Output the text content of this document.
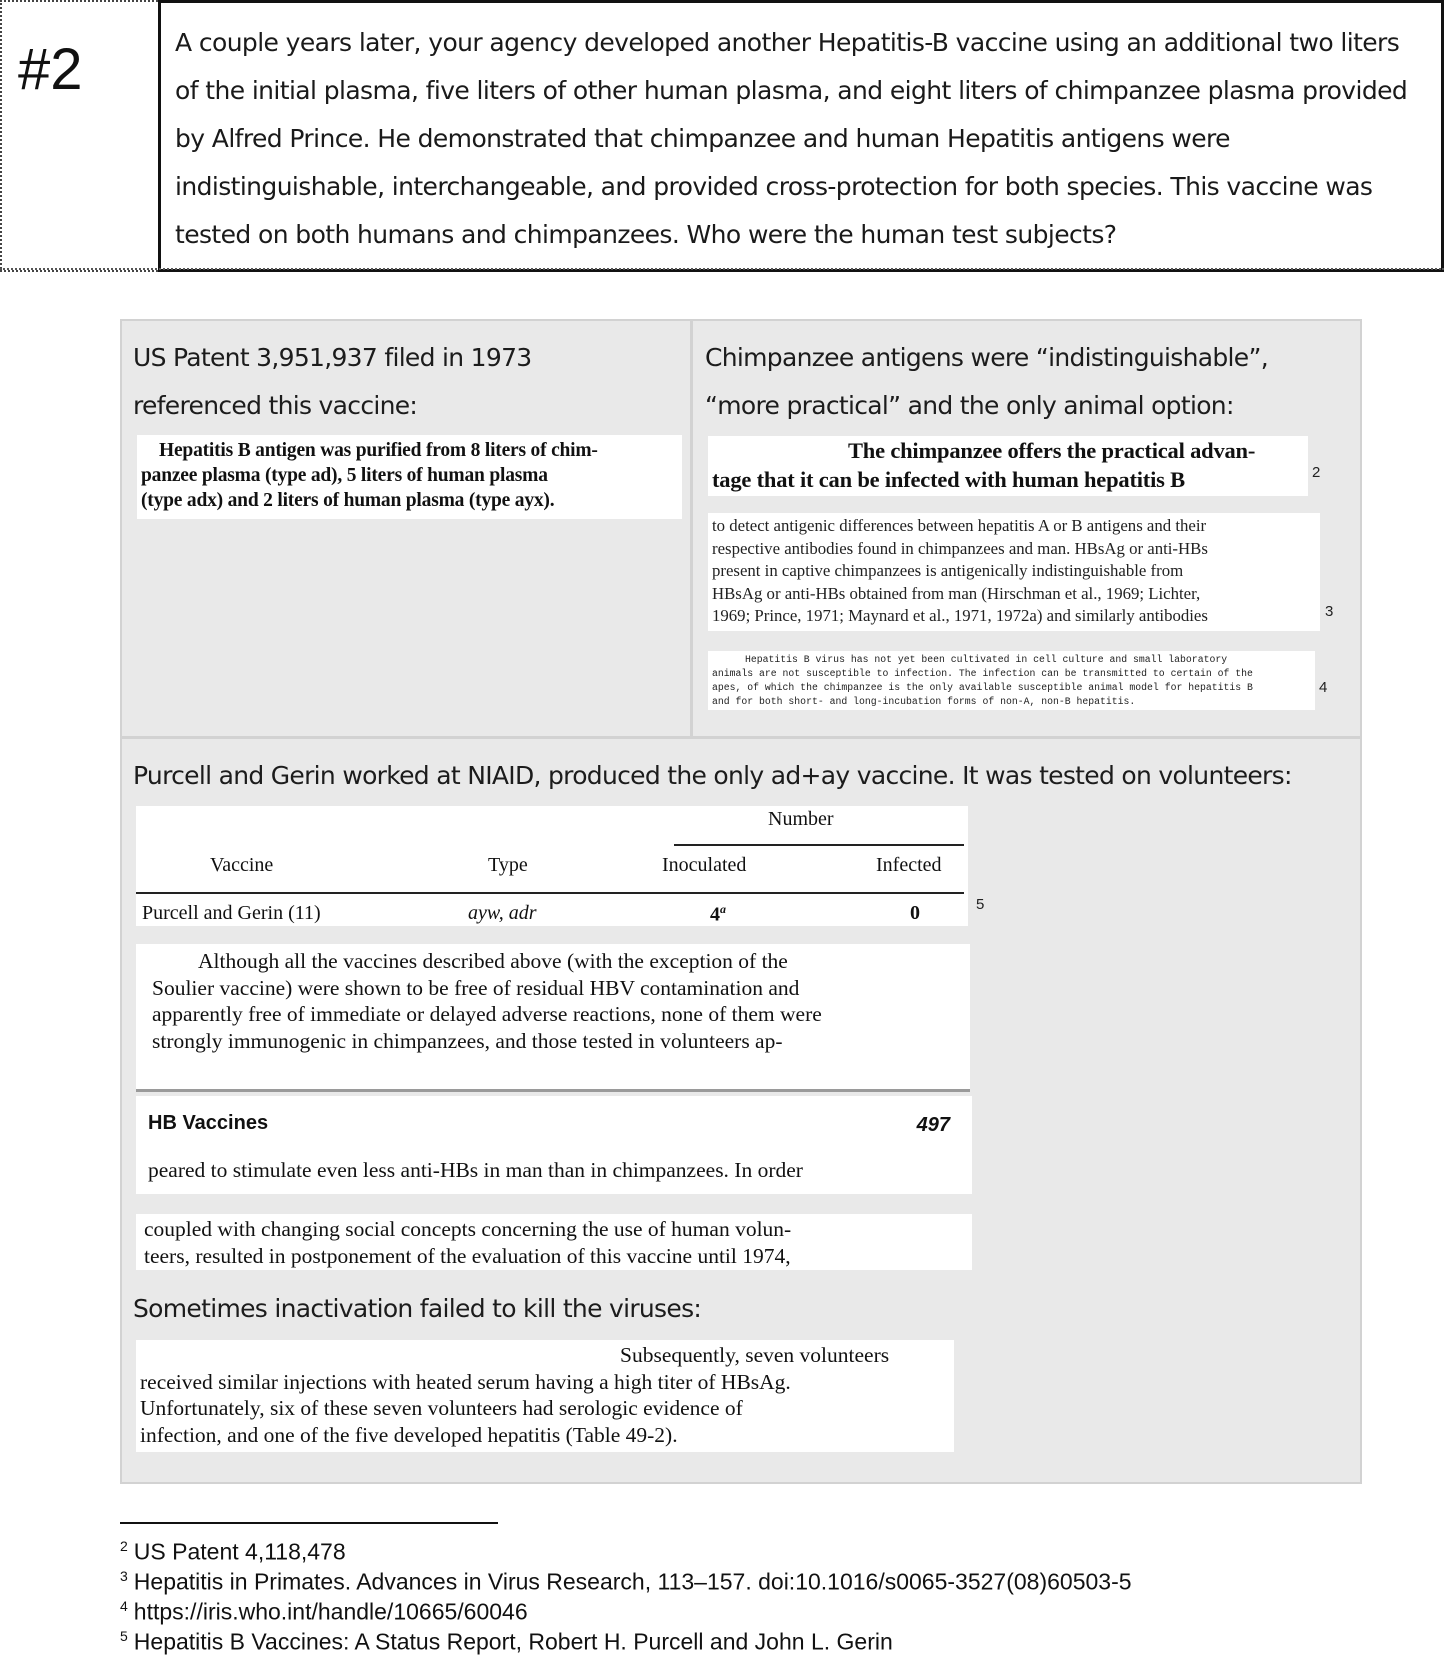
#2	A couple years later, your agency developed another Hepatitis-B vaccine using an additional two liters

of the initial plasma, five liters of other human plasma, and eight liters of chimpanzee plasma provided

by Alfred Prince. He demonstrated that chimpanzee and human Hepatitis antigens were

indistinguishable, interchangeable, and provided cross-protection for both species. This vaccine was

tested on both humans and chimpanzees. Who were the human test subjects?

US Patent 3,951,937 filed in 1973

referenced this vaccine:

Hepatitis B antigen was purified from 8 liters of chim-

panzee plasma (type ad), 5 liters of human plasma

(type adx) and 2 liters of human plasma (type ayx).

Chimpanzee antigens were “indistinguishable”,

“more practical” and the only animal option:

The chimpanzee offers the practical advan-

tage that it can be infected with human hepatitis B	2

to detect antigenic differences between hepatitis A or B antigens and their

respective antibodies found in chimpanzees and man. HBsAg or anti-HBs

present in captive chimpanzees is antigenically indistinguishable from

HBsAg or anti-HBs obtained from man (Hirschman et al., 1969; Lichter,

1969; Prince, 1971; Maynard et al., 1971, 1972a) and similarly antibodies	3

Hepatitis B virus has not yet been cultivated in cell culture and small laboratory

animals are not susceptible to infection. The infection can be transmitted to certain of the

apes, of which the chimpanzee is the only available susceptible animal model for hepatitis B

and for both short- and long-incubation forms of non-A, non-B hepatitis.

4

Purcell and Gerin worked at NIAID, produced the only ad+ay vaccine. It was tested on volunteers:

Number
Vaccine	Type	Inoculated	Infected
Purcell and Gerin (11)	ayw, adr	4$^a$	0	5

Although all the vaccines described above (with the exception of the

Soulier vaccine) were shown to be free of residual HBV contamination and

apparently free of immediate or delayed adverse reactions, none of them were

strongly immunogenic in chimpanzees, and those tested in volunteers ap-

HB Vaccines	497
peared to stimulate even less anti-HBs in man than in chimpanzees. In order

coupled with changing social concepts concerning the use of human volun-

teers, resulted in postponement of the evaluation of this vaccine until 1974,

Sometimes inactivation failed to kill the viruses:

Subsequently, seven volunteers

received similar injections with heated serum having a high titer of HBsAg.

Unfortunately, six of these seven volunteers had serologic evidence of

infection, and one of the five developed hepatitis (Table 49-2).

$^2$ US Patent 4,118,478
$^3$ Hepatitis in Primates. Advances in Virus Research, 113–157. doi:10.1016/s0065-3527(08)60503-5
$^4$ https://iris.who.int/handle/10665/60046
$^5$ Hepatitis B Vaccines: A Status Report, Robert H. Purcell and John L. Gerin
